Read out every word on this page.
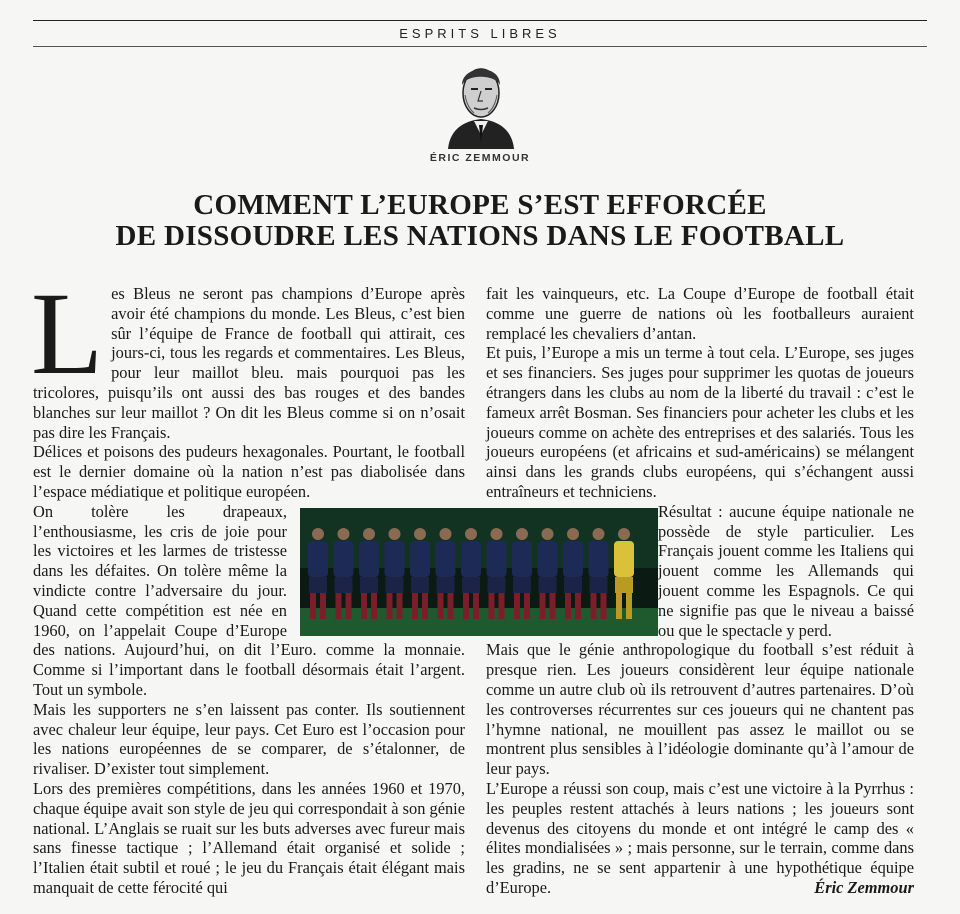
ESPRITS LIBRES
ÉRIC ZEMMOUR
COMMENT L’EUROPE S’EST EFFORCÉE
DE DISSOUDRE LES NATIONS DANS LE FOOTBALL
L es Bleus ne seront pas champions d’Europe après avoir été champions du monde. Les Bleus, c’est bien sûr l’équipe de France de football qui attirait, ces jours-ci, tous les regards et commentaires. Les Bleus, pour leur maillot bleu. mais pourquoi pas les tricolores, puisqu’ils ont aussi des bas rouges et des bandes blanches sur leur maillot ? On dit les Bleus comme si on n’osait pas dire les Français.

Délices et poisons des pudeurs hexagonales. Pourtant, le football est le dernier domaine où la nation n’est pas diabolisée dans l’espace médiatique et politique européen.

On tolère les drapeaux, l’enthousiasme, les cris de joie pour les victoires et les larmes de tristesse dans les défaites. On tolère même la vindicte contre l’adversaire du jour. Quand cette compétition est née en 1960, on l’appelait Coupe d’Europe des nations. Aujourd’hui, on dit l’Euro. comme la monnaie. Comme si l’important dans le football désormais était l’argent. Tout un symbole.

Mais les supporters ne s’en laissent pas conter. Ils soutiennent avec chaleur leur équipe, leur pays. Cet Euro est l’occasion pour les nations européennes de se comparer, de s’étalonner, de rivaliser. D’exister tout simplement.

Lors des premières compétitions, dans les années 1960 et 1970, chaque équipe avait son style de jeu qui correspondait à son génie national. L’Anglais se ruait sur les buts adverses avec fureur mais sans finesse tactique ; l’Allemand était organisé et solide ; l’Italien était subtil et roué ; le jeu du Français était élégant mais manquait de cette férocité qui

fait les vainqueurs, etc. La Coupe d’Europe de football était comme une guerre de nations où les footballeurs auraient remplacé les chevaliers d’antan.

Et puis, l’Europe a mis un terme à tout cela. L’Europe, ses juges et ses financiers. Ses juges pour supprimer les quotas de joueurs étrangers dans les clubs au nom de la liberté du travail : c’est le fameux arrêt Bosman. Ses financiers pour acheter les clubs et les joueurs comme on achète des entreprises et des salariés. Tous les joueurs européens (et africains et sud-américains) se mélangent ainsi dans les grands clubs européens, qui s’échangent aussi entraîneurs et techniciens.

Résultat : aucune équipe nationale ne possède de style particulier. Les Français jouent comme les Italiens qui jouent comme les Allemands qui jouent comme les Espagnols. Ce qui ne signifie pas que le niveau a baissé ou que le spectacle y perd.

Mais que le génie anthropologique du football s’est réduit à presque rien. Les joueurs considèrent leur équipe nationale comme un autre club où ils retrouvent d’autres partenaires. D’où les controverses récurrentes sur ces joueurs qui ne chantent pas l’hymne national, ne mouillent pas assez le maillot ou se montrent plus sensibles à l’idéologie dominante qu’à l’amour de leur pays.

L’Europe a réussi son coup, mais c’est une victoire à la Pyrrhus : les peuples restent attachés à leurs nations ; les joueurs sont devenus des citoyens du monde et ont intégré le camp des « élites mondialisées » ; mais personne, sur le terrain, comme dans les gradins, ne se sent appartenir à une hypothétique équipe d’Europe.	Éric Zemmour
